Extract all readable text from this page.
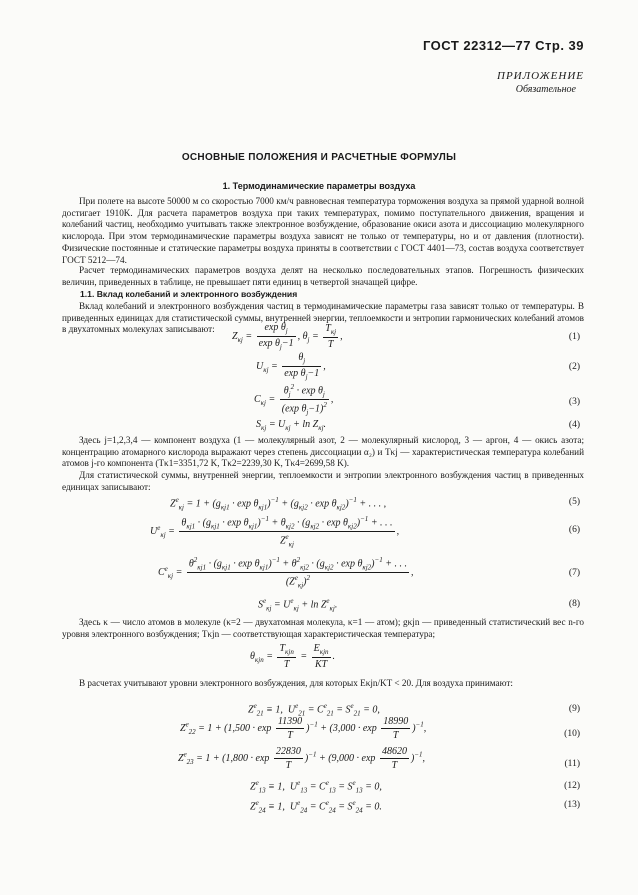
ГОСТ 22312—77 Стр. 39
ПРИЛОЖЕНИЕ
Обязательное
ОСНОВНЫЕ ПОЛОЖЕНИЯ И РАСЧЕТНЫЕ ФОРМУЛЫ
1. Термодинамические параметры воздуха
При полете на высоте 50000 м со скоростью 7000 км/ч равновесная температура торможения воздуха за прямой ударной волной достигает 1910K. Для расчета параметров воздуха при таких температурах, помимо поступательного движения, вращения и колебаний частиц, необходимо учитывать также электронное возбуждение, образование окиси азота и диссоциацию молекулярного кислорода. При этом термодинамические параметры воздуха зависят не только от температуры, но и от давления (плотности). Физические постоянные и статические параметры воздуха приняты в соответствии с ГОСТ 4401—73, состав воздуха соответствует ГОСТ 5212—74.
Расчет термодинамических параметров воздуха делят на несколько последовательных этапов. Погрешность физических величин, приведенных в таблице, не превышает пяти единиц в четвертой значащей цифре.
1.1. Вклад колебаний и электронного возбуждения
Вклад колебаний и электронного возбуждения частиц в термодинамические параметры газа зависят только от температуры. В приведенных единицах для статистической суммы, внутренней энергии, теплоемкости и энтропии гармонических колебаний атомов в двухатомных молекулах записывают:
$Z_{\kappa j} = \frac{\exp \theta_j}{\exp \theta_j-1}$ , $\theta_j = \frac{T_{\kappa j}}{T}$ ,	(1)
$U_{\kappa j} = \frac{\theta_j}{\exp \theta_j-1}$ ,	(2)
$C_{\kappa j} = \frac{\theta_j^2 \cdot \exp \theta_j}{(\exp \theta_j-1)^2}$ ,	(3)
$S_{\kappa j} = U_{\kappa j} + \ln Z_{\kappa j}$.	(4)
Здесь j=1,2,3,4 — компонент воздуха (1 — молекулярный азот, 2 — молекулярный кислород, 3 — аргон, 4 — окись азота; концентрацию атомарного кислорода выражают через степень диссоциации α₂) и Tκj — характеристическая температура колебаний атомов j-го компонента (Tκ1=3351,72 K, Tκ2=2239,30 K, Tκ4=2699,58 K).
Для статистической суммы, внутренней энергии, теплоемкости и энтропии электронного возбуждения частиц в приведенных единицах записывают:
$Z^e_{\kappa j} = 1 + (g_{\kappa j1} \cdot \exp \theta_{\kappa j1})^{-1} + (g_{\kappa j2} \cdot \exp \theta_{\kappa j2})^{-1}$ + . . . ,	(5)
$U^e_{\kappa j}$ =
$\theta_{\kappa j1} \cdot (g_{\kappa j1} \cdot \exp \theta_{\kappa j1})^{-1} + \theta_{\kappa j2} \cdot (g_{\kappa j2} \cdot \exp \theta_{\kappa j2})^{-1}$ + . . .
$Z^e_{\kappa j}$
,	(6)
$C^e_{\kappa j}$ =
$\theta^2_{\kappa j1} \cdot (g_{\kappa j1} \cdot \exp \theta_{\kappa j1})^{-1} + \theta^2_{\kappa j2} \cdot (g_{\kappa j2} \cdot \exp \theta_{\kappa j2})^{-1}$ + . . .
$(Z^e_{\kappa j})^2$
,	(7)
$S^e_{\kappa j} = U^e_{\kappa j} + \ln Z^e_{\kappa j}$.	(8)
Здесь κ — число атомов в молекуле (κ=2 — двухатомная молекула, κ=1 — атом); gκjn — приведенный статистический вес n-го уровня электронного возбуждения; Tκjn — соответствующая характеристическая температура;
$\theta_{\kappa jn} = \frac{T_{\kappa jn}}{T} = \frac{E_{\kappa jn}}{KT}$ .
В расчетах учитывают уровни электронного возбуждения, для которых Eκjn/KT < 20. Для воздуха принимают:
$Z^e_{21} \equiv 1$,  $U^e_{21} = C^e_{21} = S^e_{21} = 0$,	(9)
$Z^e_{22} = 1 + (1,500 \cdot \exp \frac{11390}{T} )^{-1} + (3,000 \cdot \exp \frac{18990}{T} )^{-1}$,
(10)
$Z^e_{23} = 1 + (1,800 \cdot \exp \frac{22830}{T} )^{-1} + (9,000 \cdot \exp \frac{48620}{T} )^{-1}$,
(11)
$Z^e_{13} \equiv 1$,  $U^e_{13} = C^e_{13} = S^e_{13} = 0$,	(12)
$Z^e_{24} \equiv 1$,  $U^e_{24} = C^e_{24} = S^e_{24} = 0$.	(13)
